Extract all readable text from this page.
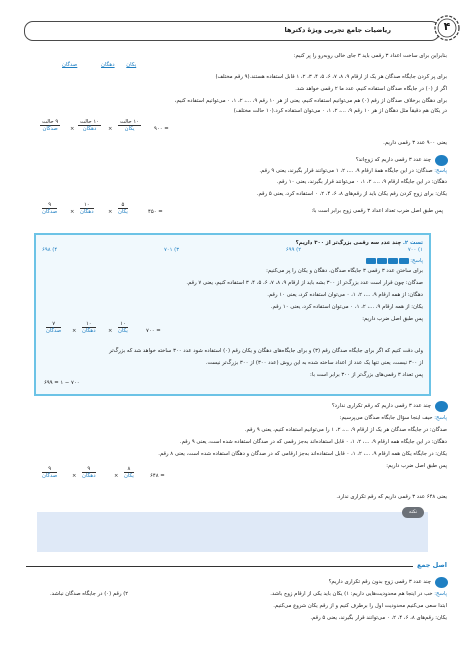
ریاضیات جامع تجربی ویژهٔ دکترها	۴
بنابراین برای ساخت اعداد ۳ رقمی باید ۳ جای خالی روبه‌رو را پر کنیم:
یکان دهگان صدگان
برای پر کردن جایگاه صدگان هر یک از ارقام ۹، ۸، ۷، ۶، ۵، ۴، ۳، ۲، ۱ قابل استفاده هستند.(۹ رقم مختلف)
اگر از (۰) در جایگاه صدگان استفاده کنیم، عدد ما ۲ رقمی خواهد شد.
برای دهگان برخلاف صدگان از رقم (۰) هم می‌توانیم استفاده کنیم، یعنی از هر ۱۰ رقم ۹، ...، ۲، ۱، ۰ می‌توانیم استفاده کنیم،
در یکان هم دقیقاً مثل دهگان از هر ۱۰ رقم ۹، ...، ۲، ۱، ۰ می‌توان استفاده کرد.(۱۰ حالت مختلف)
= ۹۰۰
۱۰ حالت
یکان
×
۱۰ حالت
دهگان
×
۹ حالت
صدگان
یعنی ۹۰۰ عدد ۳ رقمی داریم.
چند عدد ۳ رقمی داریم که زوج‌اند؟
پاسخ: صدگان: در این جایگاه همهٔ ارقام ۹، ...، ۲، ۱ می‌توانند قرار بگیرند، یعنی ۹ رقم.
دهگان: در این جایگاه ارقام ۹، ...، ۲، ۱، ۰ می‌توانند قرار بگیرند، یعنی ۱۰ رقم.
یکان: برای زوج کردن رقم یکان باید از رقم‌های ۸، ۶، ۴، ۲، ۰ استفاده کرد، یعنی ۵ رقم.
پس طبق اصل ضرب تعداد اعداد ۳ رقمی زوج برابر است با:
= ۴۵۰
۵
یکان
×
۱۰
دهگان
×
۹
صدگان
تست ۲. چند عدد سه رقمی بزرگ‌تر از ۳۰۰ داریم؟
۱) ۷۰۰
۲) ۶۹۹
۳) ۷۰۱
۴) ۶۹۸
پاسخ:
برای ساختن عدد ۳ رقمی ۳ جایگاه صدگان، دهگان و یکان را پر می‌کنیم:
صدگان: چون قرار است عدد بزرگ‌تر از ۳۰۰ بشه باید از ارقام ۹، ۸، ۷، ۶، ۵، ۴، ۳ استفاده کنیم، یعنی ۷ رقم.
دهگان: از همه ارقام ۹، ...، ۲، ۱، ۰ می‌توان استفاده کرد، یعنی ۱۰ رقم.
یکان: از همه ارقام ۹، ...، ۲، ۱، ۰ می‌توان استفاده کرد، یعنی ۱۰ رقم.
پس طبق اصل ضرب داریم:
= ۷۰۰
۱۰
یکان
×
۱۰
دهگان
×
۷
صدگان
ولی دقت کنیم که اگر برای جایگاه صدگان رقم (۳) و برای جایگاه‌های دهگان و یکان رقم (۰) استفاده شود عدد ۳۰۰ ساخته خواهد شد که بزرگ‌تر
از ۳۰۰ نیست، یعنی تنها یک عدد از اعداد ساخته شده به این روش (عدد ۳۰۰) از ۳۰۰ بزرگ‌تر نیست.
پس تعداد ۳ رقمی‌های بزرگ‌تر از ۳۰۰ برابر است با:
۷۰۰ − ۱ = ۶۹۹
چند عدد ۳ رقمی داریم که رقم تکراری ندارد؟
پاسخ: حیف اینجا سؤال جایگاه صدگان می‌پرسیم:
صدگان: در جایگاه صدگان هر یک از ارقام ۹، ...، ۲، ۱ را می‌توانیم استفاده کنیم، یعنی ۹ رقم.
دهگان: در این جایگاه همه ارقام ۹، ...، ۲، ۱، ۰ قابل استفاده‌اند به‌جز رقمی که در صدگان استفاده شده است، یعنی ۹ رقم.
یکان: در جایگاه یکان همه ارقام ۹، ...، ۲، ۱، ۰ قابل استفاده‌اند به‌جز ارقامی که در صدگان و دهگان استفاده شده است، یعنی ۸ رقم.
پس طبق اصل ضرب داریم:
= ۶۴۸
۸
یکان
×
۹
دهگان
×
۹
صدگان
یعنی ۶۴۸ عدد ۳ رقمی داریم که رقم تکراری ندارد.
نکته
اصل جمع
چند عدد ۳ رقمی زوج بدون رقم تکراری داریم؟
پاسخ: خب در اینجا هم محدودیت‌هایی داریم: ۱) یکان باید یکی از ارقام زوج باشد.
۲) رقم (۰) در جایگاه صدگان نباشد.
ابتدا سعی می‌کنیم محدودیت اول را برطرف کنیم و از رقم یکان شروع می‌کنیم.
یکان: رقم‌های ۸، ۶، ۴، ۲، ۰ می‌توانند قرار بگیرند، یعنی ۵ رقم.
